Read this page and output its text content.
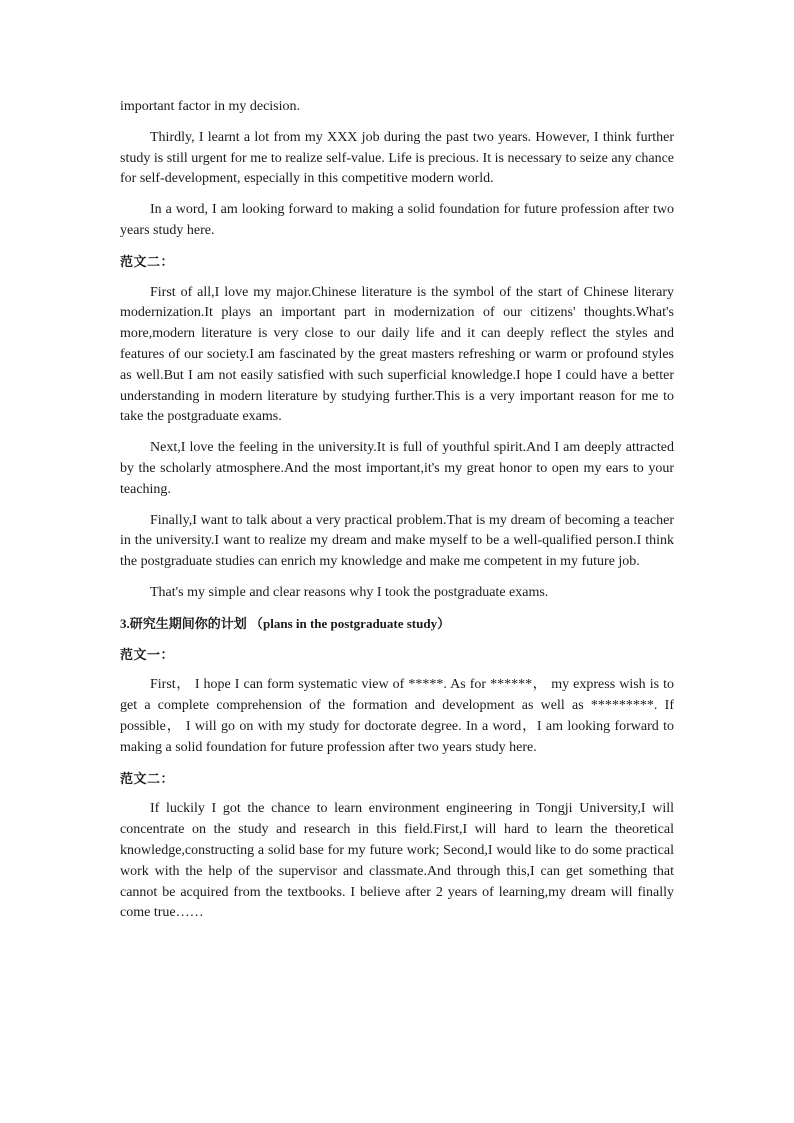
important factor in my decision.

Thirdly, I learnt a lot from my XXX job during the past two years. However, I think further study is still urgent for me to realize self-value. Life is precious. It is necessary to seize any chance for self-development, especially in this competitive modern world.

In a word, I am looking forward to making a solid foundation for future profession after two years study here.

范文二：

First of all,I love my major.Chinese literature is the symbol of the start of Chinese literary modernization.It plays an important part in modernization of our citizens' thoughts.What's more,modern literature is very close to our daily life and it can deeply reflect the styles and features of our society.I am fascinated by the great masters refreshing or warm or profound styles as well.But I am not easily satisfied with such superficial knowledge.I hope I could have a better understanding in modern literature by studying further.This is a very important reason for me to take the postgraduate exams.

Next,I love the feeling in the university.It is full of youthful spirit.And I am deeply attracted by the scholarly atmosphere.And the most important,it's my great honor to open my ears to your teaching.

Finally,I want to talk about a very practical problem.That is my dream of becoming a teacher in the university.I want to realize my dream and make myself to be a well-qualified person.I think the postgraduate studies can enrich my knowledge and make me competent in my future job.

That's my simple and clear reasons why I took the postgraduate exams.

3.研究生期间你的计划 （plans in the postgraduate study）

范文一：

First， I hope I can form systematic view of *****. As for ******， my express wish is to get a complete comprehension of the formation and development as well as *********. If possible， I will go on with my study for doctorate degree. In a word，I am looking forward to making a solid foundation for future profession after two years study here.

范文二：

If luckily I got the chance to learn environment engineering in Tongji University,I will concentrate on the study and research in this field.First,I will hard to learn the theoretical knowledge,constructing a solid base for my future work; Second,I would like to do some practical work with the help of the supervisor and classmate.And through this,I can get something that cannot be acquired from the textbooks. I believe after 2 years of learning,my dream will finally come true……
